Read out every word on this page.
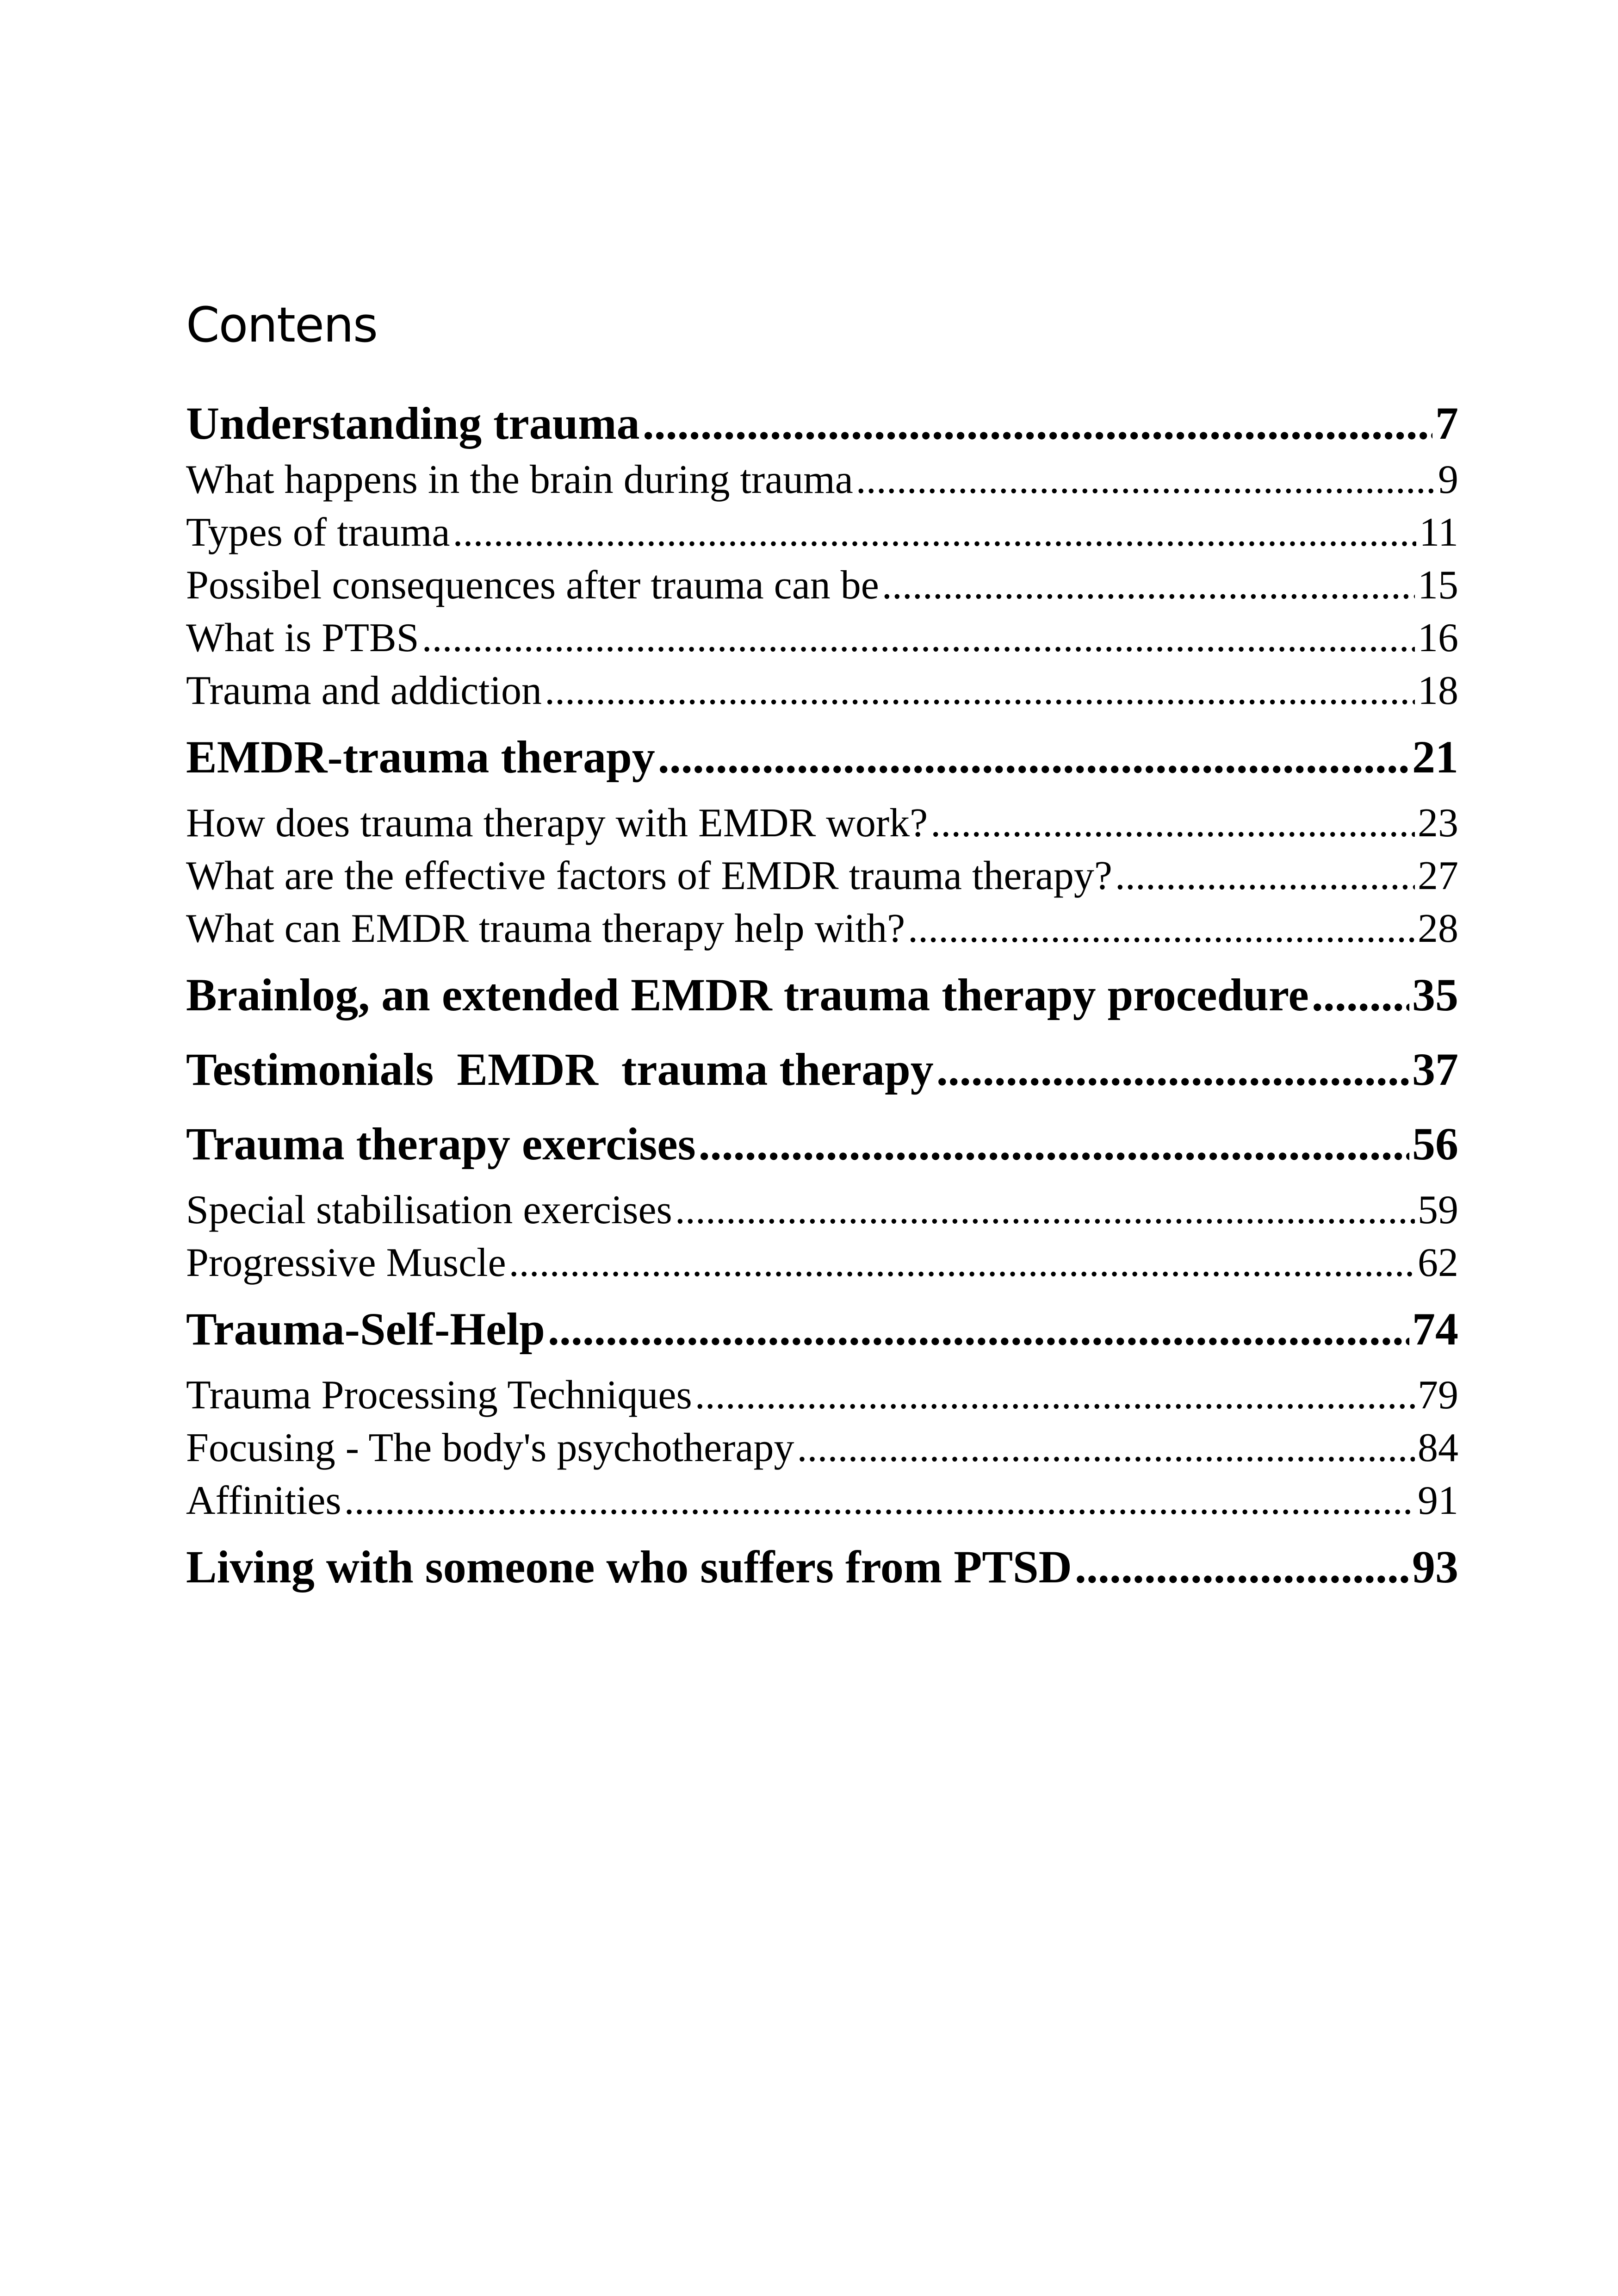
Contens
Understanding trauma .....	7
What happens in the brain during trauma .....	9
Types of trauma .....	11
Possibel consequences after trauma can be .....	15
What is PTBS .....	16
Trauma and addiction .....	18
EMDR-trauma therapy .....	21
How does trauma therapy with EMDR work? .....	23
What are the effective factors of EMDR trauma therapy? .....	27
What can EMDR trauma therapy help with? .....	28
Brainlog, an extended EMDR trauma therapy procedure ..... 35
Testimonials  EMDR  trauma therapy .....	37
Trauma therapy exercises .....	56
Special stabilisation exercises .....	59
Progressive Muscle .....	62
Trauma-Self-Help .....	74
Trauma Processing Techniques .....	79
Focusing - The body's psychotherapy .....	84
Affinities .....	91
Living with someone who suffers from PTSD .....	93
